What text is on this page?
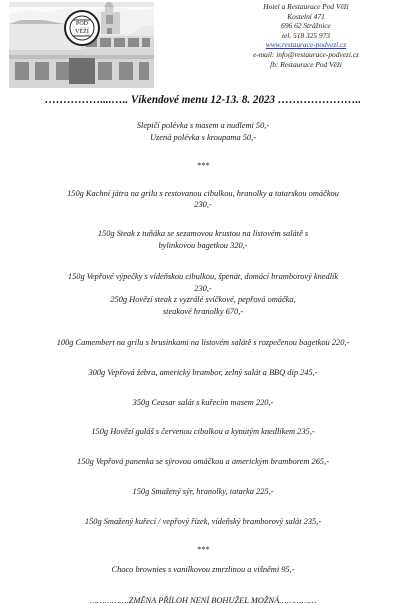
POD
VĚŽÍ
Hotel a Restaurace Pod Věží
Kostelní 471
696 62 Strážnice
tel. 518 325 973
www.restaurace-podvezi.cz
e-mail: info@restaurace-podvezi.cz
fb: Restaurace Pod Věží
……………....….. Víkendové menu 12-13. 8. 2023 …………………..
Slepičí polévka s masem a nudlemi 50,-
Uzená polévka s kroupama 50,-
***
150g Kachní játra na grilu s restovanou cibulkou, hranolky a tatarskou omáčkou
230,-
150g Steak z tuňáka se sezamovou krustou na listovém salátě s
bylinkovou bagetkou 320,-
150g Vepřové výpečky s vídeňskou cibulkou, špenát, domácí bramborový knedlík
230,-
250g Hovězí steak z vyzrálé svíčkové, pepřová omáčka,
steakové hranolky 670,-
100g Camembert na grilu s brusinkami na listovém salátě s rozpečenou bagetkou 220,-
300g Vepřová žebra, americký brambor, zelný salát a BBQ dip 245,-
350g Ceasar salát s kuřecím masem 220,-
150g Hovězí guláš s červenou cibulkou a kynutým knedlíkem 235,-
150g Vepřová panenka se sýrovou omáčkou a americkým bramborem 265,-
150g Smažený sýr, hranolky, tatarka 225,-
150g Smažený kuřecí / vepřový řízek, vídeňský bramborový salát 235,-
***
Choco brownies s vanilkovou zmrzlinou a višněmi 95,-
…………….ZMĚNA PŘÍLOH NENÍ BOHUŽEL MOŽNÁ……………
